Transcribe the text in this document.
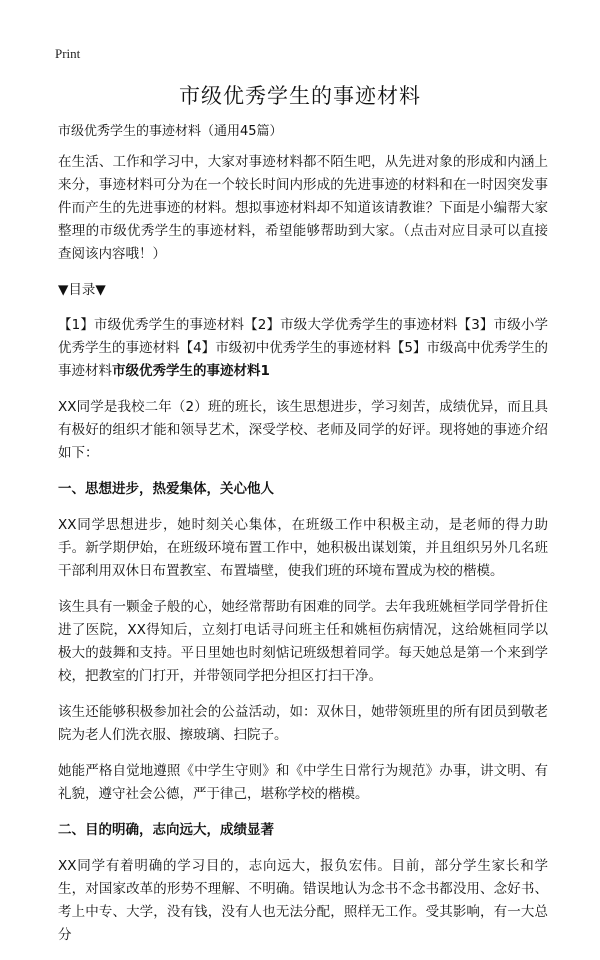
Print
市级优秀学生的事迹材料

市级优秀学生的事迹材料（通用45篇）

在生活、工作和学习中，大家对事迹材料都不陌生吧，从先进对象的形成和内涵上来分，事迹材料可分为在一个较长时间内形成的先进事迹的材料和在一时因突发事件而产生的先进事迹的材料。想拟事迹材料却不知道该请教谁？下面是小编帮大家整理的市级优秀学生的事迹材料，希望能够帮助到大家。（点击对应目录可以直接查阅该内容哦！）

▼目录▼

【1】市级优秀学生的事迹材料【2】市级大学优秀学生的事迹材料【3】市级小学优秀学生的事迹材料【4】市级初中优秀学生的事迹材料【5】市级高中优秀学生的事迹材料市级优秀学生的事迹材料1

XX同学是我校二年（2）班的班长，该生思想进步，学习刻苦，成绩优异，而且具有极好的组织才能和领导艺术，深受学校、老师及同学的好评。现将她的事迹介绍如下：

一、思想进步，热爱集体，关心他人

XX同学思想进步，她时刻关心集体，在班级工作中积极主动，是老师的得力助手。新学期伊始，在班级环境布置工作中，她积极出谋划策，并且组织另外几名班干部利用双休日布置教室、布置墙壁，使我们班的环境布置成为校的楷模。

该生具有一颗金子般的心，她经常帮助有困难的同学。去年我班姚桓学同学骨折住进了医院，XX得知后，立刻打电话寻问班主任和姚桓伤病情况，这给姚桓同学以极大的鼓舞和支持。平日里她也时刻惦记班级想着同学。每天她总是第一个来到学校，把教室的门打开，并带领同学把分担区打扫干净。

该生还能够积极参加社会的公益活动，如：双休日，她带领班里的所有团员到敬老院为老人们洗衣服、擦玻璃、扫院子。

她能严格自觉地遵照《中学生守则》和《中学生日常行为规范》办事，讲文明、有礼貌，遵守社会公德，严于律己，堪称学校的楷模。

二、目的明确，志向远大，成绩显著

XX同学有着明确的学习目的，志向远大，报负宏伟。目前，部分学生家长和学生，对国家改革的形势不理解、不明确。错误地认为念书不念书都没用、念好书、考上中专、大学，没有钱，没有人也无法分配，照样无工作。受其影响，有一大总分
